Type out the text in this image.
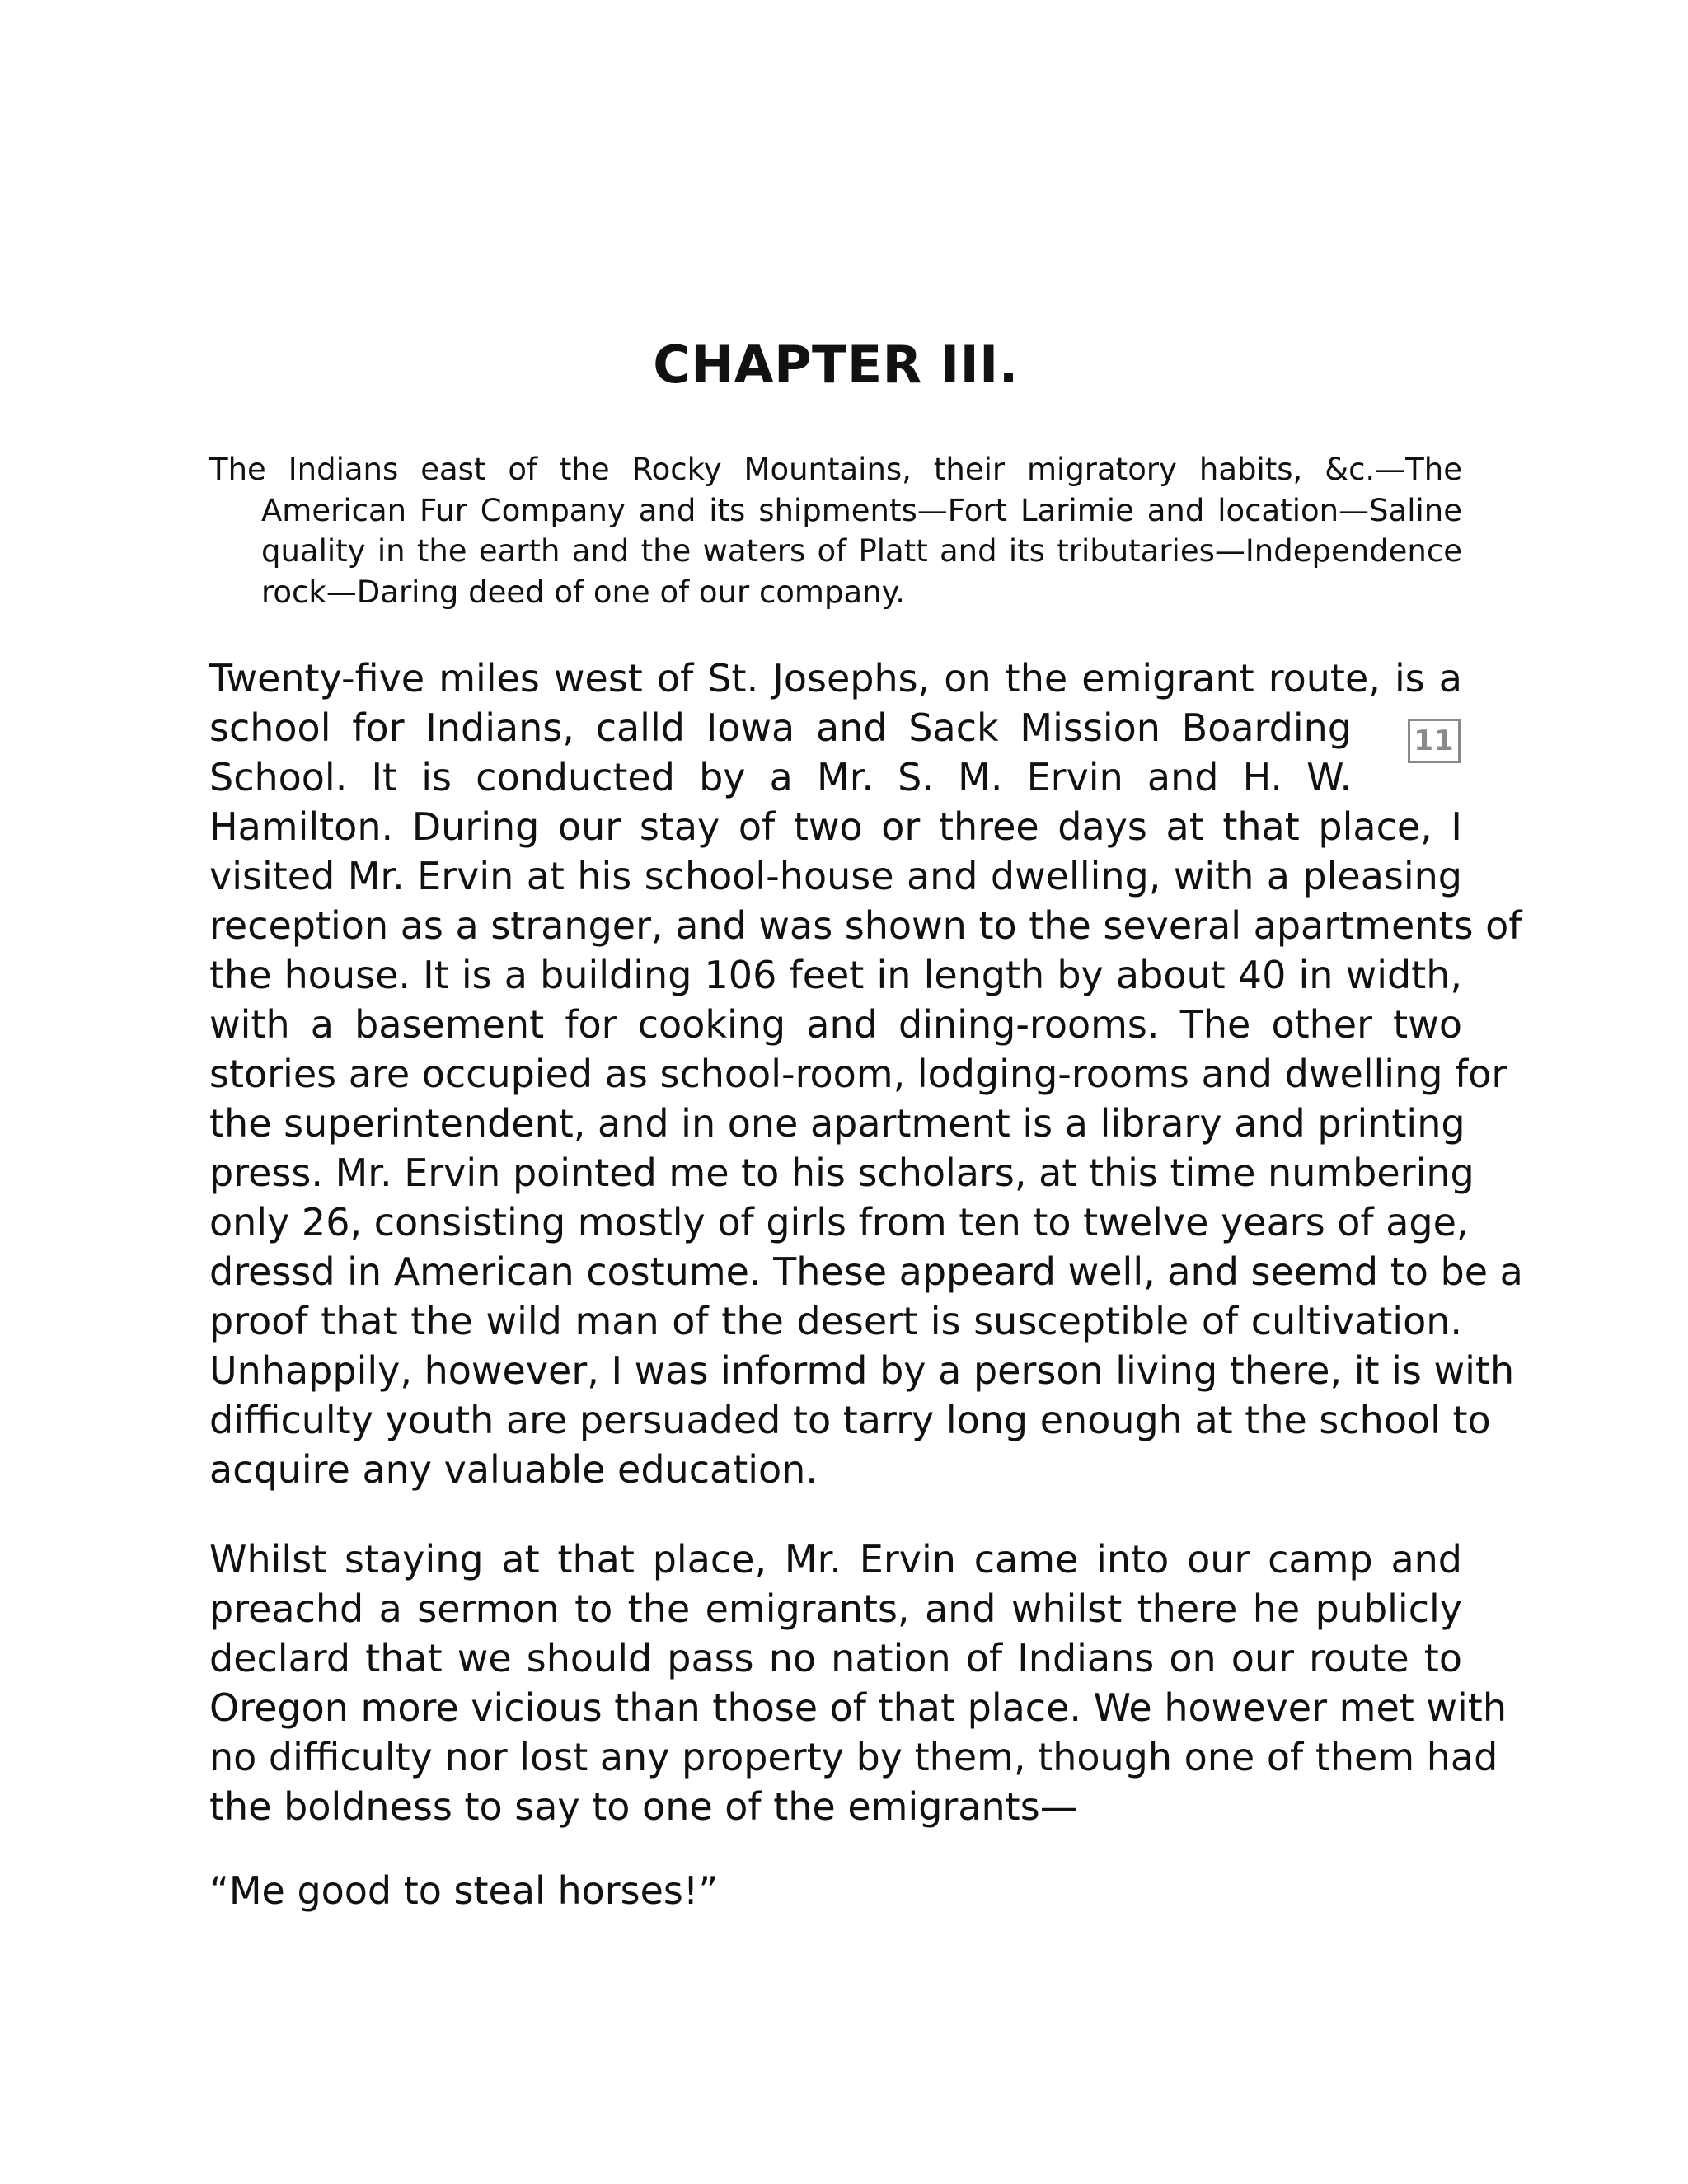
CHAPTER III.
The Indians east of the Rocky Mountains, their migratory habits, &c.—The
American Fur Company and its shipments—Fort Larimie and location—Saline quality in the earth and the waters of Platt and its tributaries—Independence rock—Daring deed of one of our company.
Twenty-five miles west of St. Josephs, on the emigrant route, is a
school for Indians, calld Iowa and Sack Mission Boarding
School. It is conducted by a Mr. S. M. Ervin and H. W.
Hamilton. During our stay of two or three days at that place, I
visited Mr. Ervin at his school-house and dwelling, with a pleasing
reception as a stranger, and was shown to the several apartments of
the house. It is a building 106 feet in length by about 40 in width,
with a basement for cooking and dining-rooms. The other two
stories are occupied as school-room, lodging-rooms and dwelling for
the superintendent, and in one apartment is a library and printing
press. Mr. Ervin pointed me to his scholars, at this time numbering
only 26, consisting mostly of girls from ten to twelve years of age,
dressd in American costume. These appeard well, and seemd to be a
proof that the wild man of the desert is susceptible of cultivation.
Unhappily, however, I was informd by a person living there, it is with
difficulty youth are persuaded to tarry long enough at the school to
acquire any valuable education.
Whilst staying at that place, Mr. Ervin came into our camp and
preachd a sermon to the emigrants, and whilst there he publicly
declard that we should pass no nation of Indians on our route to
Oregon more vicious than those of that place. We however met with
no difficulty nor lost any property by them, though one of them had
the boldness to say to one of the emigrants—
“Me good to steal horses!”
11
